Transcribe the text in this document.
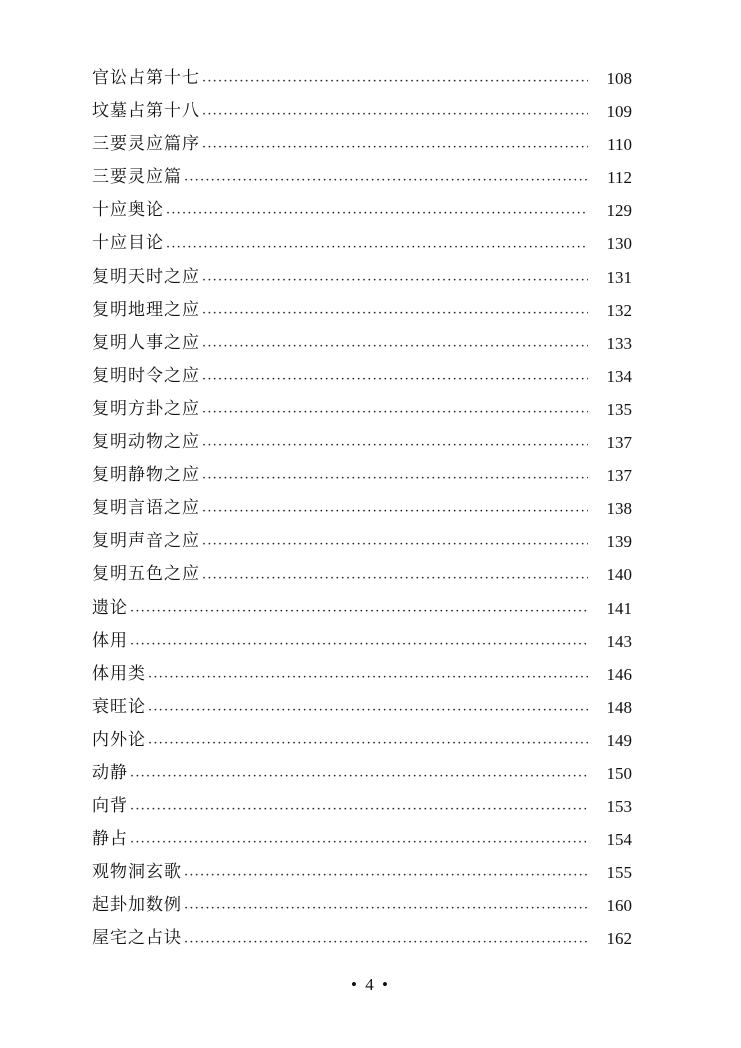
官讼占第十七 ·····	108
坟墓占第十八 ·····	109
三要灵应篇序 ·····	110
三要灵应篇 ·····	112
十应奥论 ·····	129
十应目论 ·····	130
复明天时之应 ·····	131
复明地理之应 ·····	132
复明人事之应 ·····	133
复明时令之应 ·····	134
复明方卦之应 ·····	135
复明动物之应 ·····	137
复明静物之应 ·····	137
复明言语之应 ·····	138
复明声音之应 ·····	139
复明五色之应 ·····	140
遗论 ·····	141
体用 ·····	143
体用类 ·····	146
衰旺论 ·····	148
内外论 ·····	149
动静 ·····	150
向背 ·····	153
静占 ·····	154
观物洞玄歌 ·····	155
起卦加数例 ·····	160
屋宅之占诀 ·····	162
• 4 •
